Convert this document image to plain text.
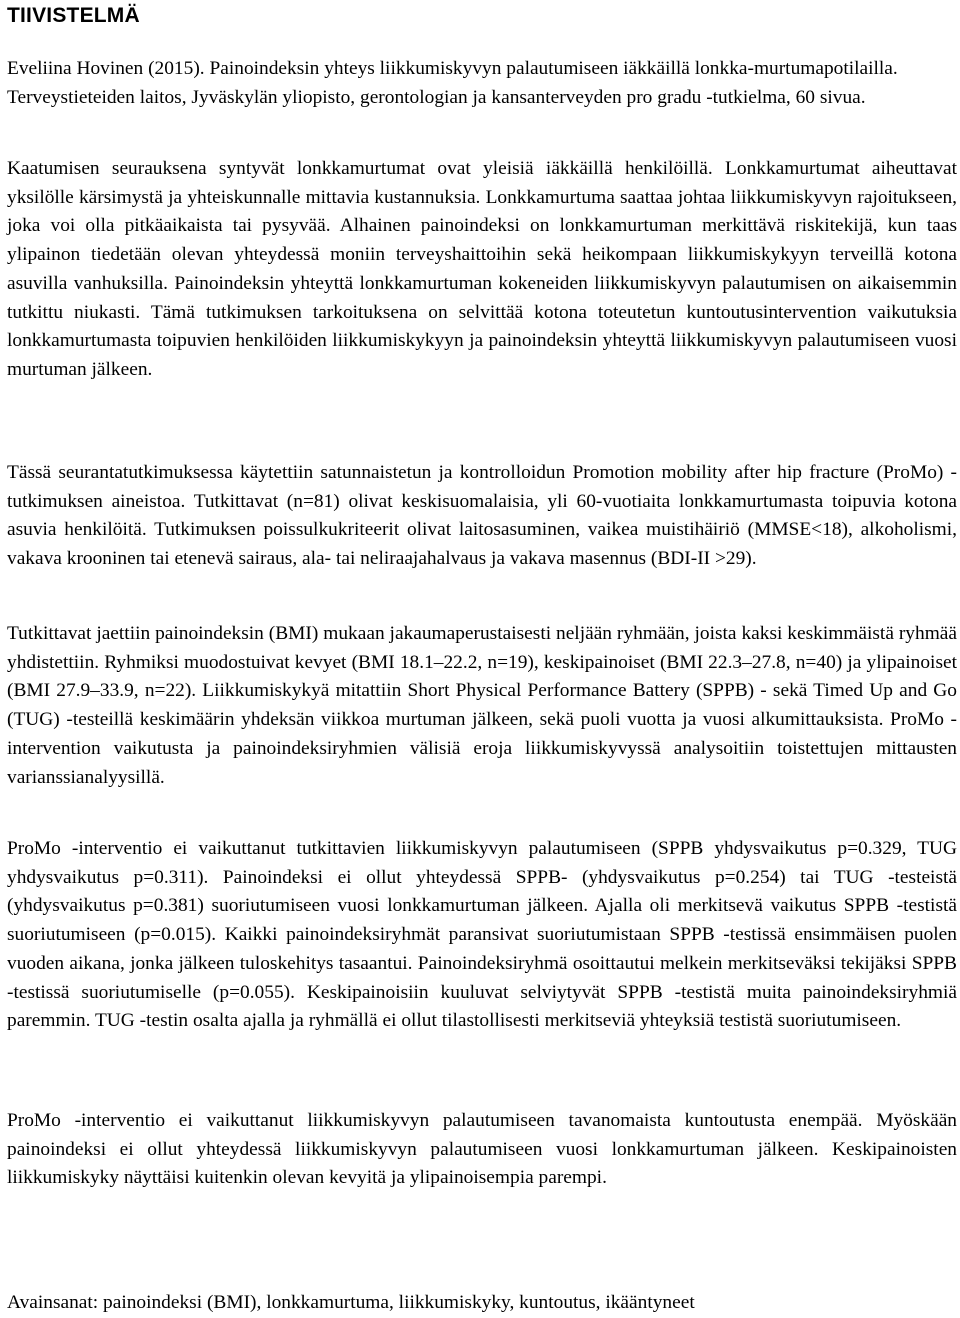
TIIVISTELMÄ

Eveliina Hovinen (2015). Painoindeksin yhteys liikkumiskyvyn palautumiseen iäkkäillä lonkka-murtumapotilailla. Terveystieteiden laitos, Jyväskylän yliopisto, gerontologian ja kansanterveyden pro gradu -tutkielma, 60 sivua.

Kaatumisen seurauksena syntyvät lonkkamurtumat ovat yleisiä iäkkäillä henkilöillä. Lonkkamurtumat aiheuttavat yksilölle kärsimystä ja yhteiskunnalle mittavia kustannuksia. Lonkkamurtuma saattaa johtaa liikkumiskyvyn rajoitukseen, joka voi olla pitkäaikaista tai pysyvää. Alhainen painoindeksi on lonkkamurtuman merkittävä riskitekijä, kun taas ylipainon tiedetään olevan yhteydessä moniin terveyshaittoihin sekä heikompaan liikkumiskykyyn terveillä kotona asuvilla vanhuksilla. Painoindeksin yhteyttä lonkkamurtuman kokeneiden liikkumiskyvyn palautumisen on aikaisemmin tutkittu niukasti. Tämä tutkimuksen tarkoituksena on selvittää kotona toteutetun kuntoutusintervention vaikutuksia lonkkamurtumasta toipuvien henkilöiden liikkumiskykyyn ja painoindeksin yhteyttä liikkumiskyvyn palautumiseen vuosi murtuman jälkeen.

Tässä seurantatutkimuksessa käytettiin satunnaistetun ja kontrolloidun Promotion mobility after hip fracture (ProMo) -tutkimuksen aineistoa. Tutkittavat (n=81) olivat keskisuomalaisia, yli 60-vuotiaita lonkkamurtumasta toipuvia kotona asuvia henkilöitä. Tutkimuksen poissulkukriteerit olivat laitosasuminen, vaikea muistihäiriö (MMSE<18), alkoholismi, vakava krooninen tai etenevä sairaus, ala- tai neliraajahalvaus ja vakava masennus (BDI-II >29).

Tutkittavat jaettiin painoindeksin (BMI) mukaan jakaumaperustaisesti neljään ryhmään, joista kaksi keskimmäistä ryhmää yhdistettiin. Ryhmiksi muodostuivat kevyet (BMI 18.1–22.2, n=19), keskipainoiset (BMI 22.3–27.8, n=40) ja ylipainoiset (BMI 27.9–33.9, n=22). Liikkumiskykyä mitattiin Short Physical Performance Battery (SPPB) - sekä Timed Up and Go (TUG) -testeillä keskimäärin yhdeksän viikkoa murtuman jälkeen, sekä puoli vuotta ja vuosi alkumittauksista. ProMo -intervention vaikutusta ja painoindeksiryhmien välisiä eroja liikkumiskyvyssä analysoitiin toistettujen mittausten varianssianalyysillä.

ProMo -interventio ei vaikuttanut tutkittavien liikkumiskyvyn palautumiseen (SPPB yhdysvaikutus p=0.329, TUG yhdysvaikutus p=0.311). Painoindeksi ei ollut yhteydessä SPPB- (yhdysvaikutus p=0.254) tai TUG -testeistä (yhdysvaikutus p=0.381) suoriutumiseen vuosi lonkkamurtuman jälkeen. Ajalla oli merkitsevä vaikutus SPPB -testistä suoriutumiseen (p=0.015). Kaikki painoindeksiryhmät paransivat suoriutumistaan SPPB -testissä ensimmäisen puolen vuoden aikana, jonka jälkeen tuloskehitys tasaantui. Painoindeksiryhmä osoittautui melkein merkitseväksi tekijäksi SPPB -testissä suoriutumiselle (p=0.055). Keskipainoisiin kuuluvat selviytyvät SPPB -testistä muita painoindeksiryhmiä paremmin. TUG -testin osalta ajalla ja ryhmällä ei ollut tilastollisesti merkitseviä yhteyksiä testistä suoriutumiseen.

ProMo -interventio ei vaikuttanut liikkumiskyvyn palautumiseen tavanomaista kuntoutusta enempää. Myöskään painoindeksi ei ollut yhteydessä liikkumiskyvyn palautumiseen vuosi lonkkamurtuman jälkeen. Keskipainoisten liikkumiskyky näyttäisi kuitenkin olevan kevyitä ja ylipainoisempia parempi.

Avainsanat: painoindeksi (BMI), lonkkamurtuma, liikkumiskyky, kuntoutus, ikääntyneet
